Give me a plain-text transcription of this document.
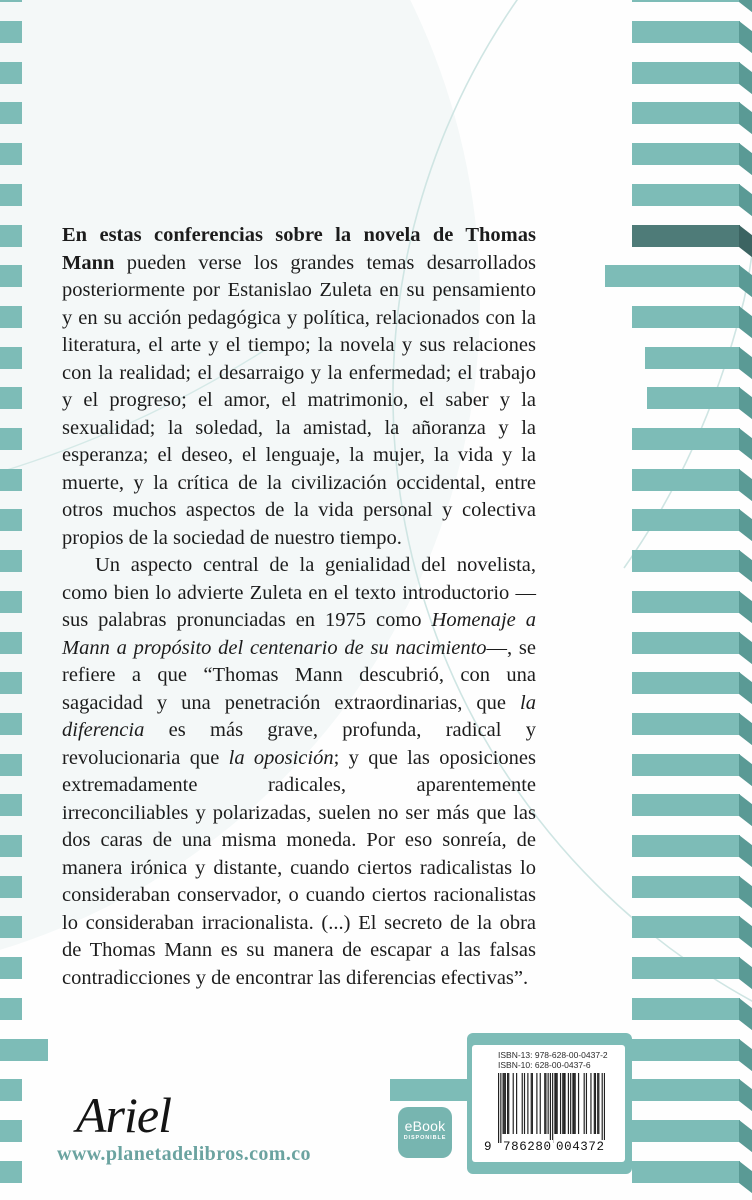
En estas conferencias sobre la novela de Thomas Mann pueden verse los grandes temas desarrollados posteriormente por Estanislao Zuleta en su pensamiento y en su acción pedagógica y política, relacionados con la literatura, el arte y el tiempo; la novela y sus relaciones con la realidad; el desarraigo y la enfermedad; el trabajo y el progreso; el amor, el matrimonio, el saber y la sexualidad; la soledad, la amistad, la añoranza y la esperanza; el deseo, el lenguaje, la mujer, la vida y la muerte, y la crítica de la civilización occidental, entre otros muchos aspectos de la vida personal y colectiva propios de la sociedad de nuestro tiempo.

Un aspecto central de la genialidad del novelista, como bien lo advierte Zuleta en el texto introductorio —sus palabras pronunciadas en 1975 como Homenaje a Mann a propósito del centenario de su nacimiento—, se refiere a que “Thomas Mann descubrió, con una sagacidad y una penetración extraordinarias, que la diferencia es más grave, profunda, radical y revolucionaria que la oposición; y que las oposiciones extremadamente radicales, aparentemente irreconciliables y polarizadas, suelen no ser más que las dos caras de una misma moneda. Por eso sonreía, de manera irónica y distante, cuando ciertos radicalistas lo consideraban conservador, o cuando ciertos racionalistas lo consideraban irracionalista. (...) El secreto de la obra de Thomas Mann es su manera de escapar a las falsas contradicciones y de encontrar las diferencias efectivas”.

Ariel
www.planetadelibros.com.co
eBook
DISPONIBLE
ISBN-13: 978-628-00-0437-2
ISBN-10: 628-00-0437-6
9 786280 004372
